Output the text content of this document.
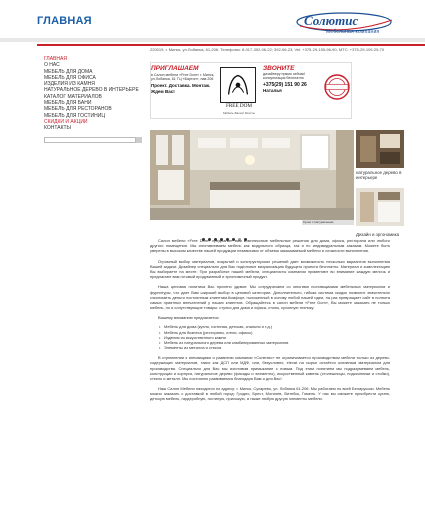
ГЛАВНАЯ	Солютис
Мебельная компания
220019, г. Минск, ул.Лобанка, 61-206. Телефоны: 8-017-392-06-22; 392-06-23; Vel: +375-29-155-96-90, MTC: +375-29-109-29-70
ГЛАВНАЯ
О НАС
МЕБЕЛЬ ДЛЯ ДОМА
МЕБЕЛЬ ДЛЯ ОФИСА
ИЗДЕЛИЯ ИЗ КАМНЯ
НАТУРАЛЬНОЕ ДЕРЕВО В ИНТЕРЬЕРЕ
КАТАЛОГ МАТЕРИАЛОВ
МЕБЕЛЬ ДЛЯ БАНИ
МЕБЕЛЬ ДЛЯ РЕСТОРАНОВ
МЕБЕЛЬ ДЛЯ ГОСТИНИЦ
СКИДКИ И АКЦИИ
КОНТАКТЫ
ПРИГЛАШАЕМ
в Салон мебели «Free Dom» г. Минск, ул.Лобанка, 61 ТЦ «Бартон», пав.206
Проект. Доставка. Монтаж. Ждем Вас!
FREE DOM
Мебель Вашей Мечты
ЗВОНИТЕ
дизайнеру прямо сейчас! консультация бесплатно
+375(29) 151 90 26
Наталья
натуральное дерево в интерьере
Дизайн и эргономика
Кухня с Натуральным

Салон мебели «Free Dom» предлагает вам комплексные мебельные решения для дома, офиса, ресторана или любого другого помещения. Мы изготавливаем мебель как модульного образца, так и по индивидуальным заказам. Можете быть уверены в высоком качестве нашей продукции независимо от объема заказываемой мебели и сложности выполнения.

Огромный выбор материалов, покрытий и конструкторских решений дает возможность несколько вариантов выполнения Вашей задачи. Дизайнер специально для Вас подготовит визуализацию будущего проекта бесплатно. Материал и комплектацию Вы выбираете на месте. При разработке нашей мебели, специалисты компании применяют во внимание каждую мелочь и предлагают вам готовый продуманный и эргономичный продукт.

Наша ценовая политика Вас приятно удивит. Мы сотрудничаем со многими поставщиками мебельных материалов и фурнитуры, что дает Вам широкий выбор в ценовой категории. Дополнительно, гибкая система скидок позволит значительно сэкономить деньги постоянным клиентам.Комфорт, положенный в основу любой нашей идеи, на раз превращает сайт в полнота самых приятных впечатлений у наших клиентов. Обращайтесь в салон мебели «Free Dom», Вы можете заказать не только мебель, но и сопутствующие товары: стулья для дома и офиса, столы, кухонную технику.

Вашему вниманию предлагается:

• Мебель для дома (кухня, гостиная, детская, спальня и т.д.)
• Мебель для бизнеса (рестораны, отели, офисы)
• Изделия из искусственного камня
• Мебель из натурального дерева или комбинированных материалов
• Элементы из металла и стекла

В стремлении к инновациям и развитию компания «Солютис» не ограничивается производством мебели только из дерево-содержащих материалов, таких как ДСП или МДФ, или, безусловно, elevat на сырье остаётся основным материалом для производства. Специально для Вас мы изготовим примыкание с новым. Под этим понятием мы подразумеваем мебель, конструкции и корпуса, натуральное дерево (фасады и элементы), искусственный камень (столешницы, подоконники и стойки), стекло и металл. Мы постоянно развиваемся благодаря Вам и для Вас!

Наш Салон Мебели находится по адресу: г. Минск, Сухарево, ул. Лобанка 61-206. Мы работаем по всей Беларуссии. Мебель можно заказать с доставкой в любой город: Гродно, Брест, Могилев, Витебск, Гомель. У нас вы сможете приобрести кухню, детскую мебель, гардеробную, гостиную, прихожую, а также любую другую элементы мебели.
